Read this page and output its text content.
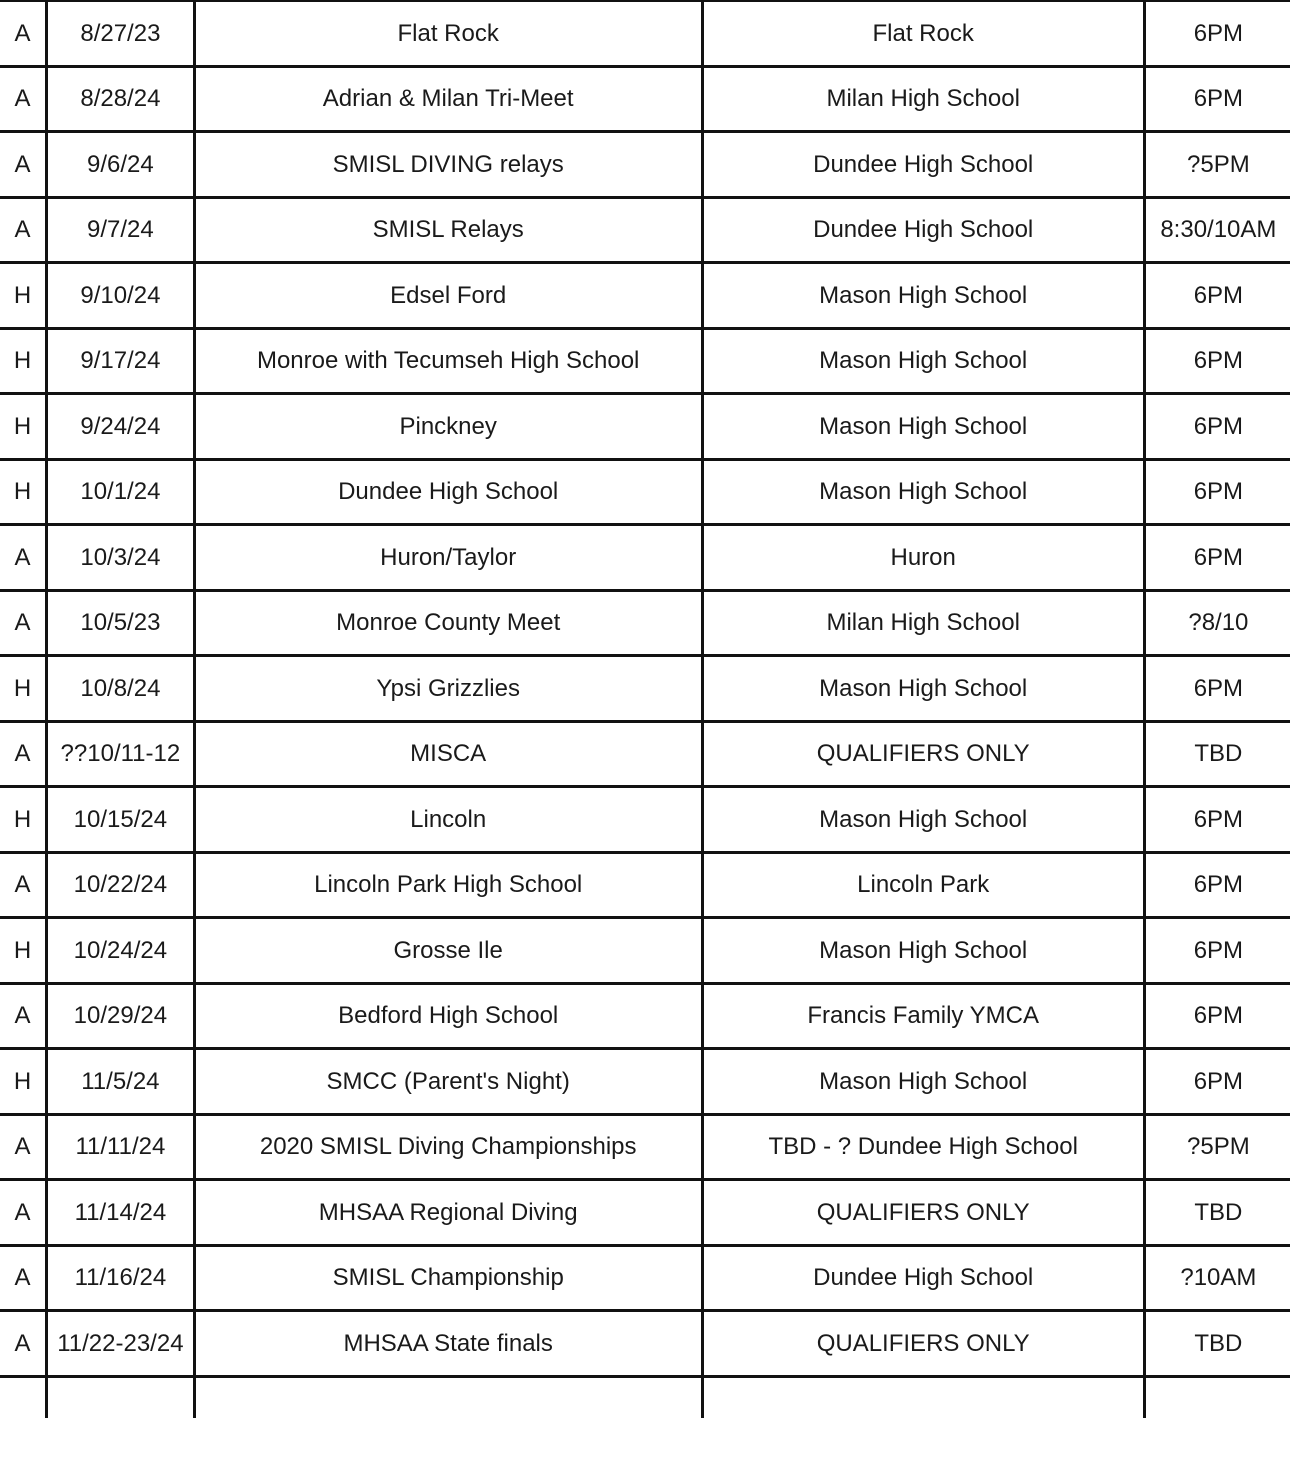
A	8/27/23	Flat Rock	Flat Rock	6PM
A	8/28/24	Adrian & Milan Tri-Meet	Milan High School	6PM
A	9/6/24	SMISL DIVING relays	Dundee High School	?5PM
A	9/7/24	SMISL Relays	Dundee High School	8:30/10AM
H	9/10/24	Edsel Ford	Mason High School	6PM
H	9/17/24	Monroe with Tecumseh High School	Mason High School	6PM
H	9/24/24	Pinckney	Mason High School	6PM
H	10/1/24	Dundee High School	Mason High School	6PM
A	10/3/24	Huron/Taylor	Huron	6PM
A	10/5/23	Monroe County Meet	Milan High School	?8/10
H	10/8/24	Ypsi Grizzlies	Mason High School	6PM
A	??10/11-12	MISCA	QUALIFIERS ONLY	TBD
H	10/15/24	Lincoln	Mason High School	6PM
A	10/22/24	Lincoln Park High School	Lincoln Park	6PM
H	10/24/24	Grosse Ile	Mason High School	6PM
A	10/29/24	Bedford High School	Francis Family YMCA	6PM
H	11/5/24	SMCC (Parent's Night)	Mason High School	6PM
A	11/11/24	2020 SMISL Diving Championships	TBD - ? Dundee High School	?5PM
A	11/14/24	MHSAA Regional Diving	QUALIFIERS ONLY	TBD
A	11/16/24	SMISL Championship	Dundee High School	?10AM
A	11/22-23/24	MHSAA State finals	QUALIFIERS ONLY	TBD
